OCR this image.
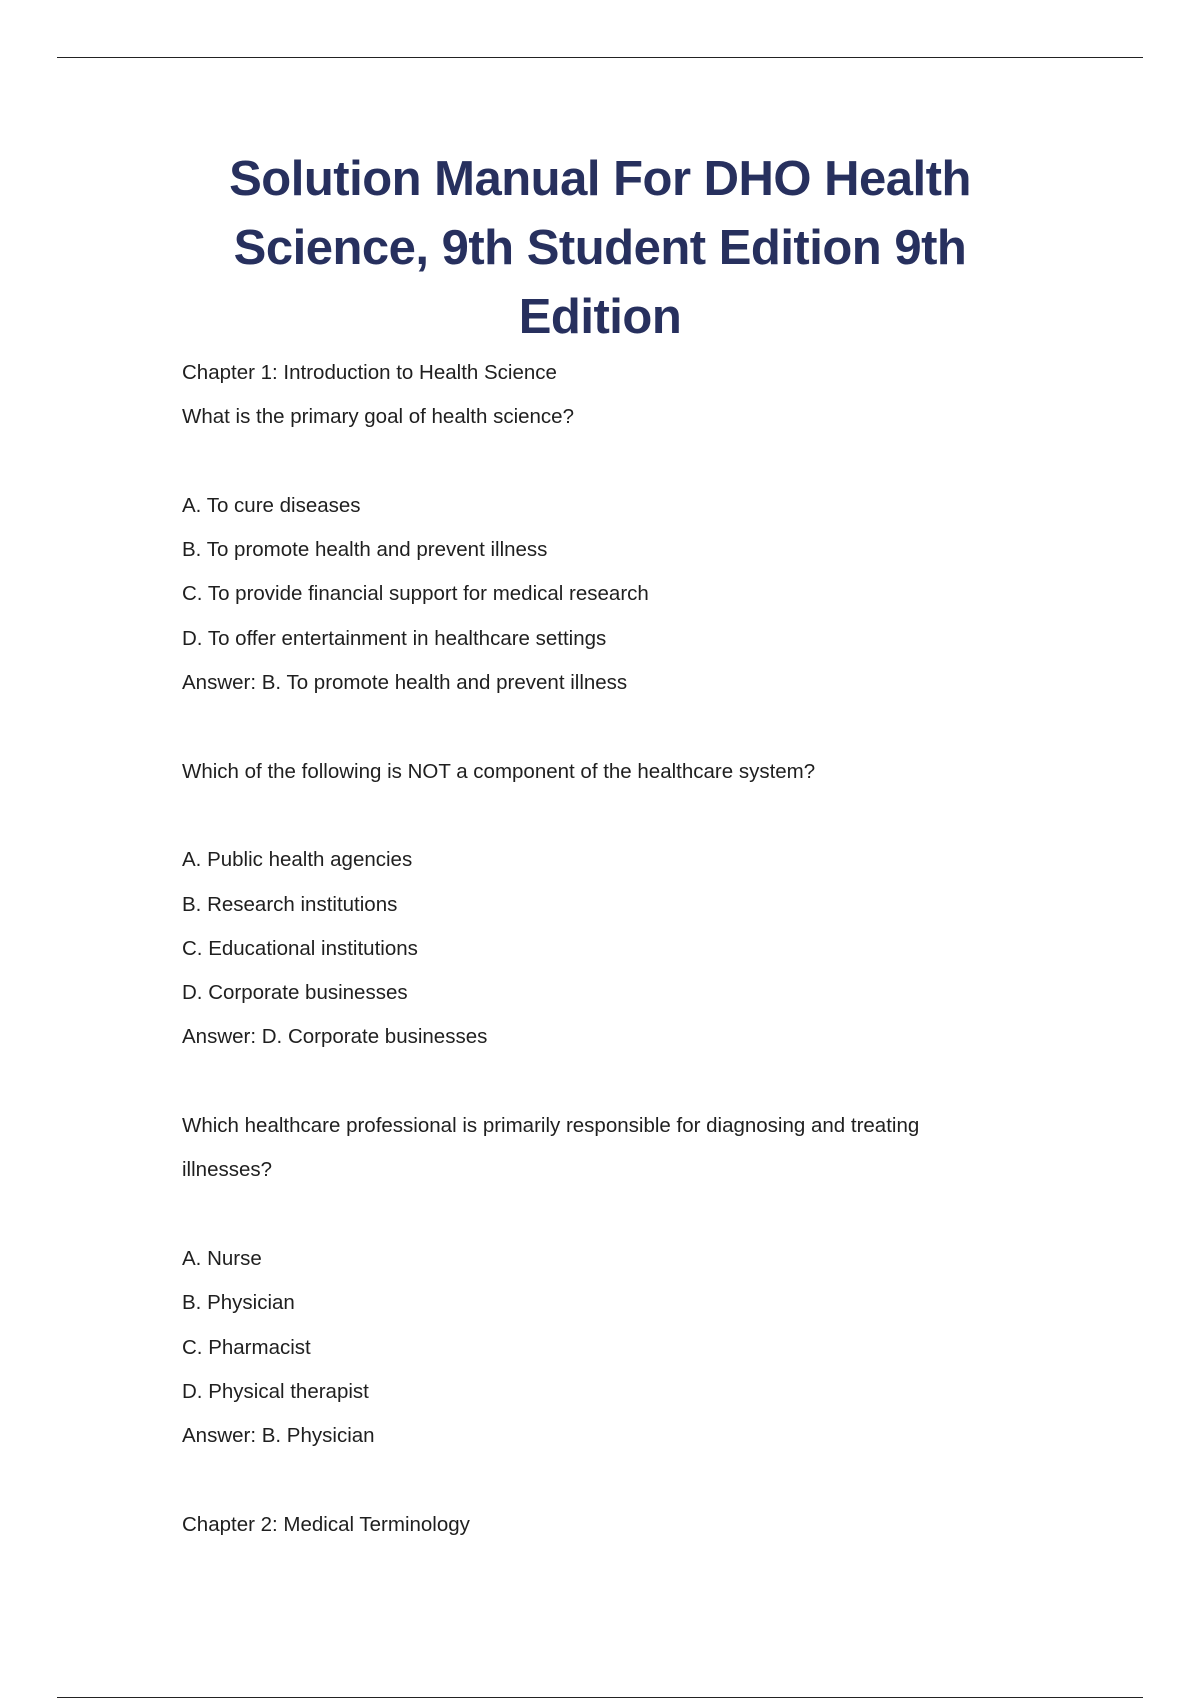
Solution Manual For DHO Health Science, 9th Student Edition 9th Edition
Chapter 1: Introduction to Health Science
What is the primary goal of health science?
A. To cure diseases
B. To promote health and prevent illness
C. To provide financial support for medical research
D. To offer entertainment in healthcare settings
Answer: B. To promote health and prevent illness
Which of the following is NOT a component of the healthcare system?
A. Public health agencies
B. Research institutions
C. Educational institutions
D. Corporate businesses
Answer: D. Corporate businesses
Which healthcare professional is primarily responsible for diagnosing and treating
illnesses?
A. Nurse
B. Physician
C. Pharmacist
D. Physical therapist
Answer: B. Physician
Chapter 2: Medical Terminology
